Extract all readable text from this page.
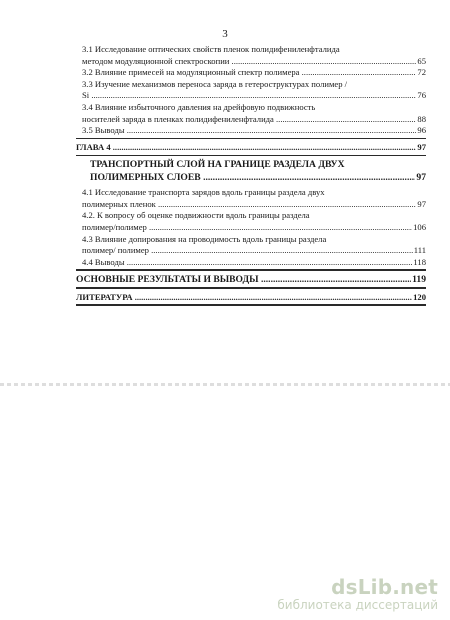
3
3.1 Исследование оптических свойств пленок полидифениленфталида
методом модуляционной спектроскопии .....	65
3.2 Влияние примесей на модуляционный спектр полимера .....	72
3.3 Изучение механизмов переноса заряда в гетероструктурах полимер /
Si .....	76
3.4 Влияние избыточного давления на дрейфовую подвижность
носителей заряда в пленках полидифениленфталида .....	88
3.5 Выводы .....	96
ГЛАВА 4 .....	97
ТРАНСПОРТНЫЙ СЛОЙ НА ГРАНИЦЕ РАЗДЕЛА ДВУХ
ПОЛИМЕРНЫХ СЛОЕВ .....	97
4.1 Исследование транспорта зарядов вдоль границы раздела двух
полимерных пленок .....	97
4.2. К вопросу об оценке подвижности вдоль границы раздела
полимер/полимер .....	106
4.3 Влияние допирования на проводимость вдоль границы раздела
полимер/ полимер .....	111
4.4 Выводы .....	118
ОСНОВНЫЕ РЕЗУЛЬТАТЫ И ВЫВОДЫ .....	119
ЛИТЕРАТУРА .....	120
dsLib.net
библиотека диссертаций
